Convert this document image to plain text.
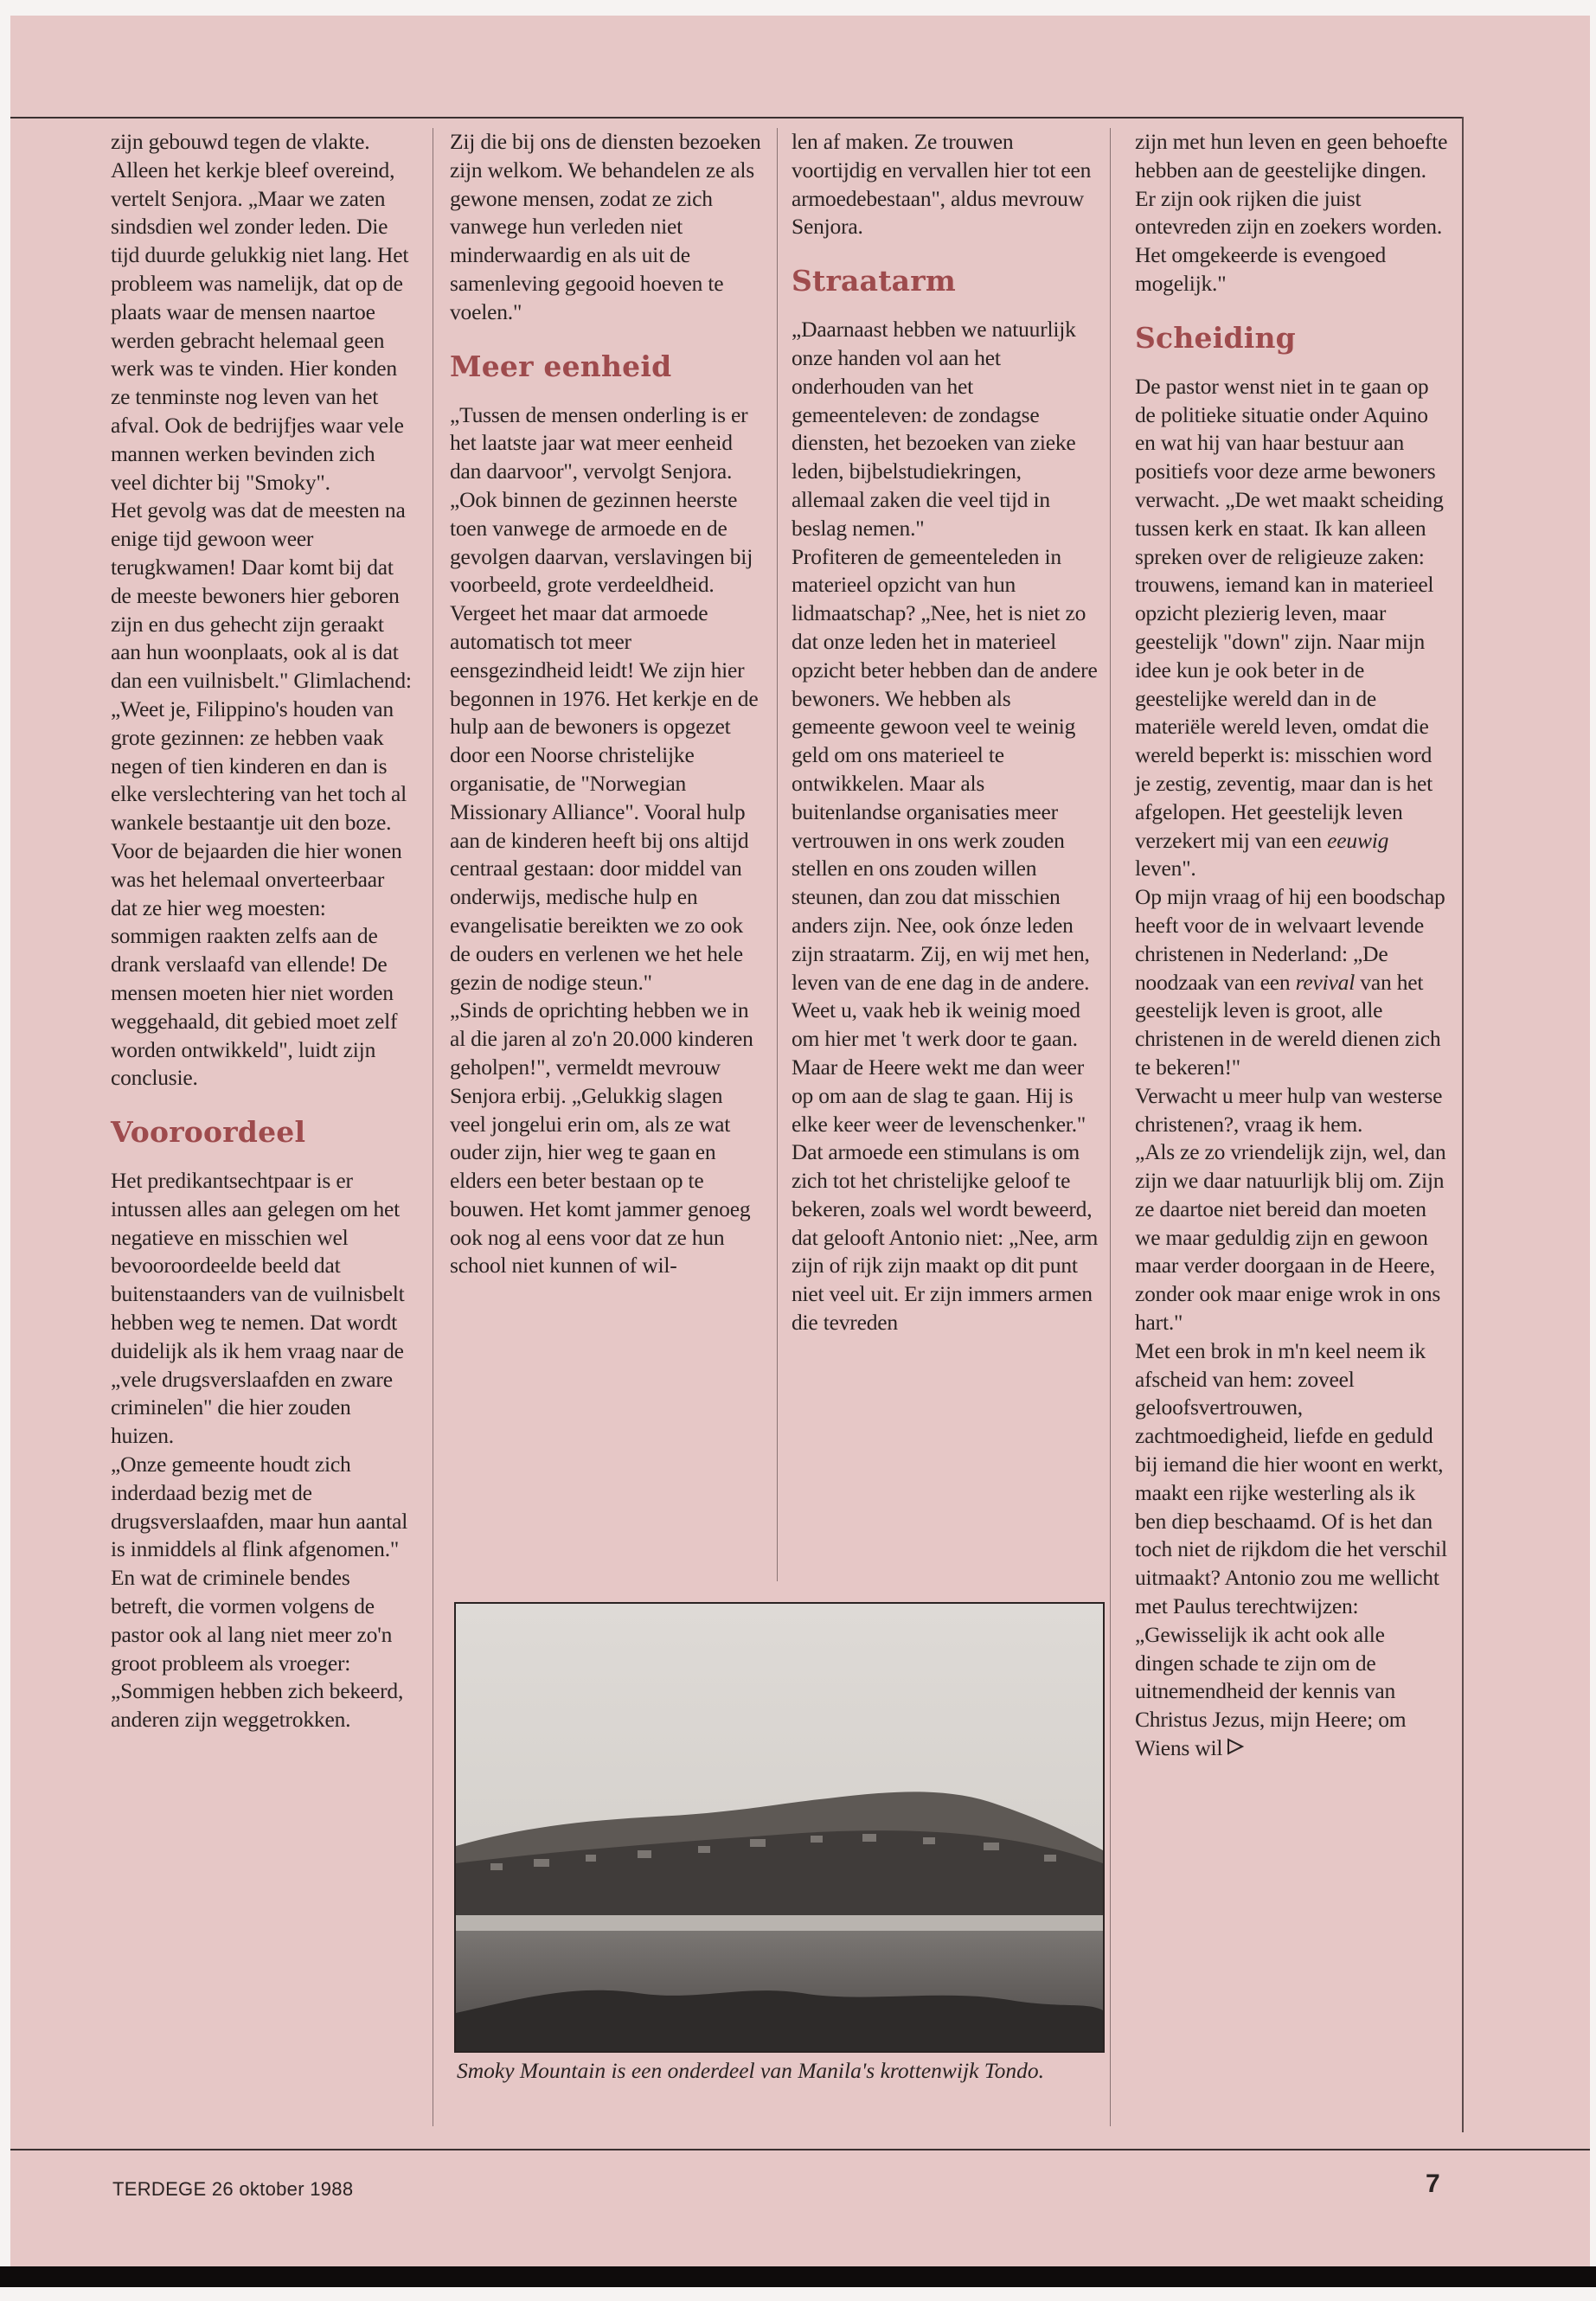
zijn gebouwd tegen de vlakte. Alleen het kerkje bleef overeind, vertelt Senjora. „Maar we zaten sindsdien wel zonder leden. Die tijd duurde gelukkig niet lang. Het probleem was namelijk, dat op de plaats waar de mensen naartoe werden gebracht helemaal geen werk was te vinden. Hier konden ze tenminste nog leven van het afval. Ook de bedrijfjes waar vele mannen werken bevinden zich veel dichter bij "Smoky".

Het gevolg was dat de meesten na enige tijd gewoon weer terugkwamen! Daar komt bij dat de meeste bewoners hier geboren zijn en dus gehecht zijn geraakt aan hun woonplaats, ook al is dat dan een vuilnisbelt." Glimlachend: „Weet je, Filippino's houden van grote gezinnen: ze hebben vaak negen of tien kinderen en dan is elke verslechtering van het toch al wankele bestaantje uit den boze. Voor de bejaarden die hier wonen was het helemaal onverteerbaar dat ze hier weg moesten: sommigen raakten zelfs aan de drank verslaafd van ellende! De mensen moeten hier niet worden weggehaald, dit gebied moet zelf worden ontwikkeld", luidt zijn conclusie.

Vooroordeel

Het predikantsechtpaar is er intussen alles aan gelegen om het negatieve en misschien wel bevooroordeelde beeld dat buitenstaanders van de vuilnisbelt hebben weg te nemen. Dat wordt duidelijk als ik hem vraag naar de „vele drugsverslaafden en zware criminelen" die hier zouden huizen.

„Onze gemeente houdt zich inderdaad bezig met de drugsverslaafden, maar hun aantal is inmiddels al flink afgenomen." En wat de criminele bendes betreft, die vormen volgens de pastor ook al lang niet meer zo'n groot probleem als vroeger: „Sommigen hebben zich bekeerd, anderen zijn weggetrokken.

Zij die bij ons de diensten bezoeken zijn welkom. We behandelen ze als gewone mensen, zodat ze zich vanwege hun verleden niet minderwaardig en als uit de samenleving gegooid hoeven te voelen."

Meer eenheid

„Tussen de mensen onderling is er het laatste jaar wat meer eenheid dan daarvoor", vervolgt Senjora. „Ook binnen de gezinnen heerste toen vanwege de armoede en de gevolgen daarvan, verslavingen bij voorbeeld, grote verdeeldheid. Vergeet het maar dat armoede automatisch tot meer eensgezindheid leidt! We zijn hier begonnen in 1976. Het kerkje en de hulp aan de bewoners is opgezet door een Noorse christelijke organisatie, de "Norwegian Missionary Alliance". Vooral hulp aan de kinderen heeft bij ons altijd centraal gestaan: door middel van onderwijs, medische hulp en evangelisatie bereikten we zo ook de ouders en verlenen we het hele gezin de nodige steun."

„Sinds de oprichting hebben we in al die jaren al zo'n 20.000 kinderen geholpen!", vermeldt mevrouw Senjora erbij. „Gelukkig slagen veel jongelui erin om, als ze wat ouder zijn, hier weg te gaan en elders een beter bestaan op te bouwen. Het komt jammer genoeg ook nog al eens voor dat ze hun school niet kunnen of wil-

len af maken. Ze trouwen voortijdig en vervallen hier tot een armoedebestaan", aldus mevrouw Senjora.

Straatarm

„Daarnaast hebben we natuurlijk onze handen vol aan het onderhouden van het gemeenteleven: de zondagse diensten, het bezoeken van zieke leden, bijbelstudiekringen, allemaal zaken die veel tijd in beslag nemen."

Profiteren de gemeenteleden in materieel opzicht van hun lidmaatschap? „Nee, het is niet zo dat onze leden het in materieel opzicht beter hebben dan de andere bewoners. We hebben als gemeente gewoon veel te weinig geld om ons materieel te ontwikkelen. Maar als buitenlandse organisaties meer vertrouwen in ons werk zouden stellen en ons zouden willen steunen, dan zou dat misschien anders zijn. Nee, ook ónze leden zijn straatarm. Zij, en wij met hen, leven van de ene dag in de andere.

Weet u, vaak heb ik weinig moed om hier met 't werk door te gaan. Maar de Heere wekt me dan weer op om aan de slag te gaan. Hij is elke keer weer de levenschenker." Dat armoede een stimulans is om zich tot het christelijke geloof te bekeren, zoals wel wordt beweerd, dat gelooft Antonio niet: „Nee, arm zijn of rijk zijn maakt op dit punt niet veel uit. Er zijn immers armen die tevreden

zijn met hun leven en geen behoefte hebben aan de geestelijke dingen. Er zijn ook rijken die juist ontevreden zijn en zoekers worden. Het omgekeerde is evengoed mogelijk."

Scheiding

De pastor wenst niet in te gaan op de politieke situatie onder Aquino en wat hij van haar bestuur aan positiefs voor deze arme bewoners verwacht. „De wet maakt scheiding tussen kerk en staat. Ik kan alleen spreken over de religieuze zaken: trouwens, iemand kan in materieel opzicht plezierig leven, maar geestelijk "down" zijn. Naar mijn idee kun je ook beter in de geestelijke wereld dan in de materiële wereld leven, omdat die wereld beperkt is: misschien word je zestig, zeventig, maar dan is het afgelopen. Het geestelijk leven verzekert mij van een eeuwig leven".

Op mijn vraag of hij een boodschap heeft voor de in welvaart levende christenen in Nederland: „De noodzaak van een revival van het geestelijk leven is groot, alle christenen in de wereld dienen zich te bekeren!"

Verwacht u meer hulp van westerse christenen?, vraag ik hem.

„Als ze zo vriendelijk zijn, wel, dan zijn we daar natuurlijk blij om. Zijn ze daartoe niet bereid dan moeten we maar geduldig zijn en gewoon maar verder doorgaan in de Heere, zonder ook maar enige wrok in ons hart."

Met een brok in m'n keel neem ik afscheid van hem: zoveel geloofsvertrouwen, zachtmoedigheid, liefde en geduld bij iemand die hier woont en werkt, maakt een rijke westerling als ik ben diep beschaamd. Of is het dan toch niet de rijkdom die het verschil uitmaakt? Antonio zou me wellicht met Paulus terechtwijzen: „Gewisselijk ik acht ook alle dingen schade te zijn om de uitnemendheid der kennis van Christus Jezus, mijn Heere; om Wiens wil

Smoky Mountain is een onderdeel van Manila's krottenwijk Tondo.
TERDEGE 26 oktober 1988	7
